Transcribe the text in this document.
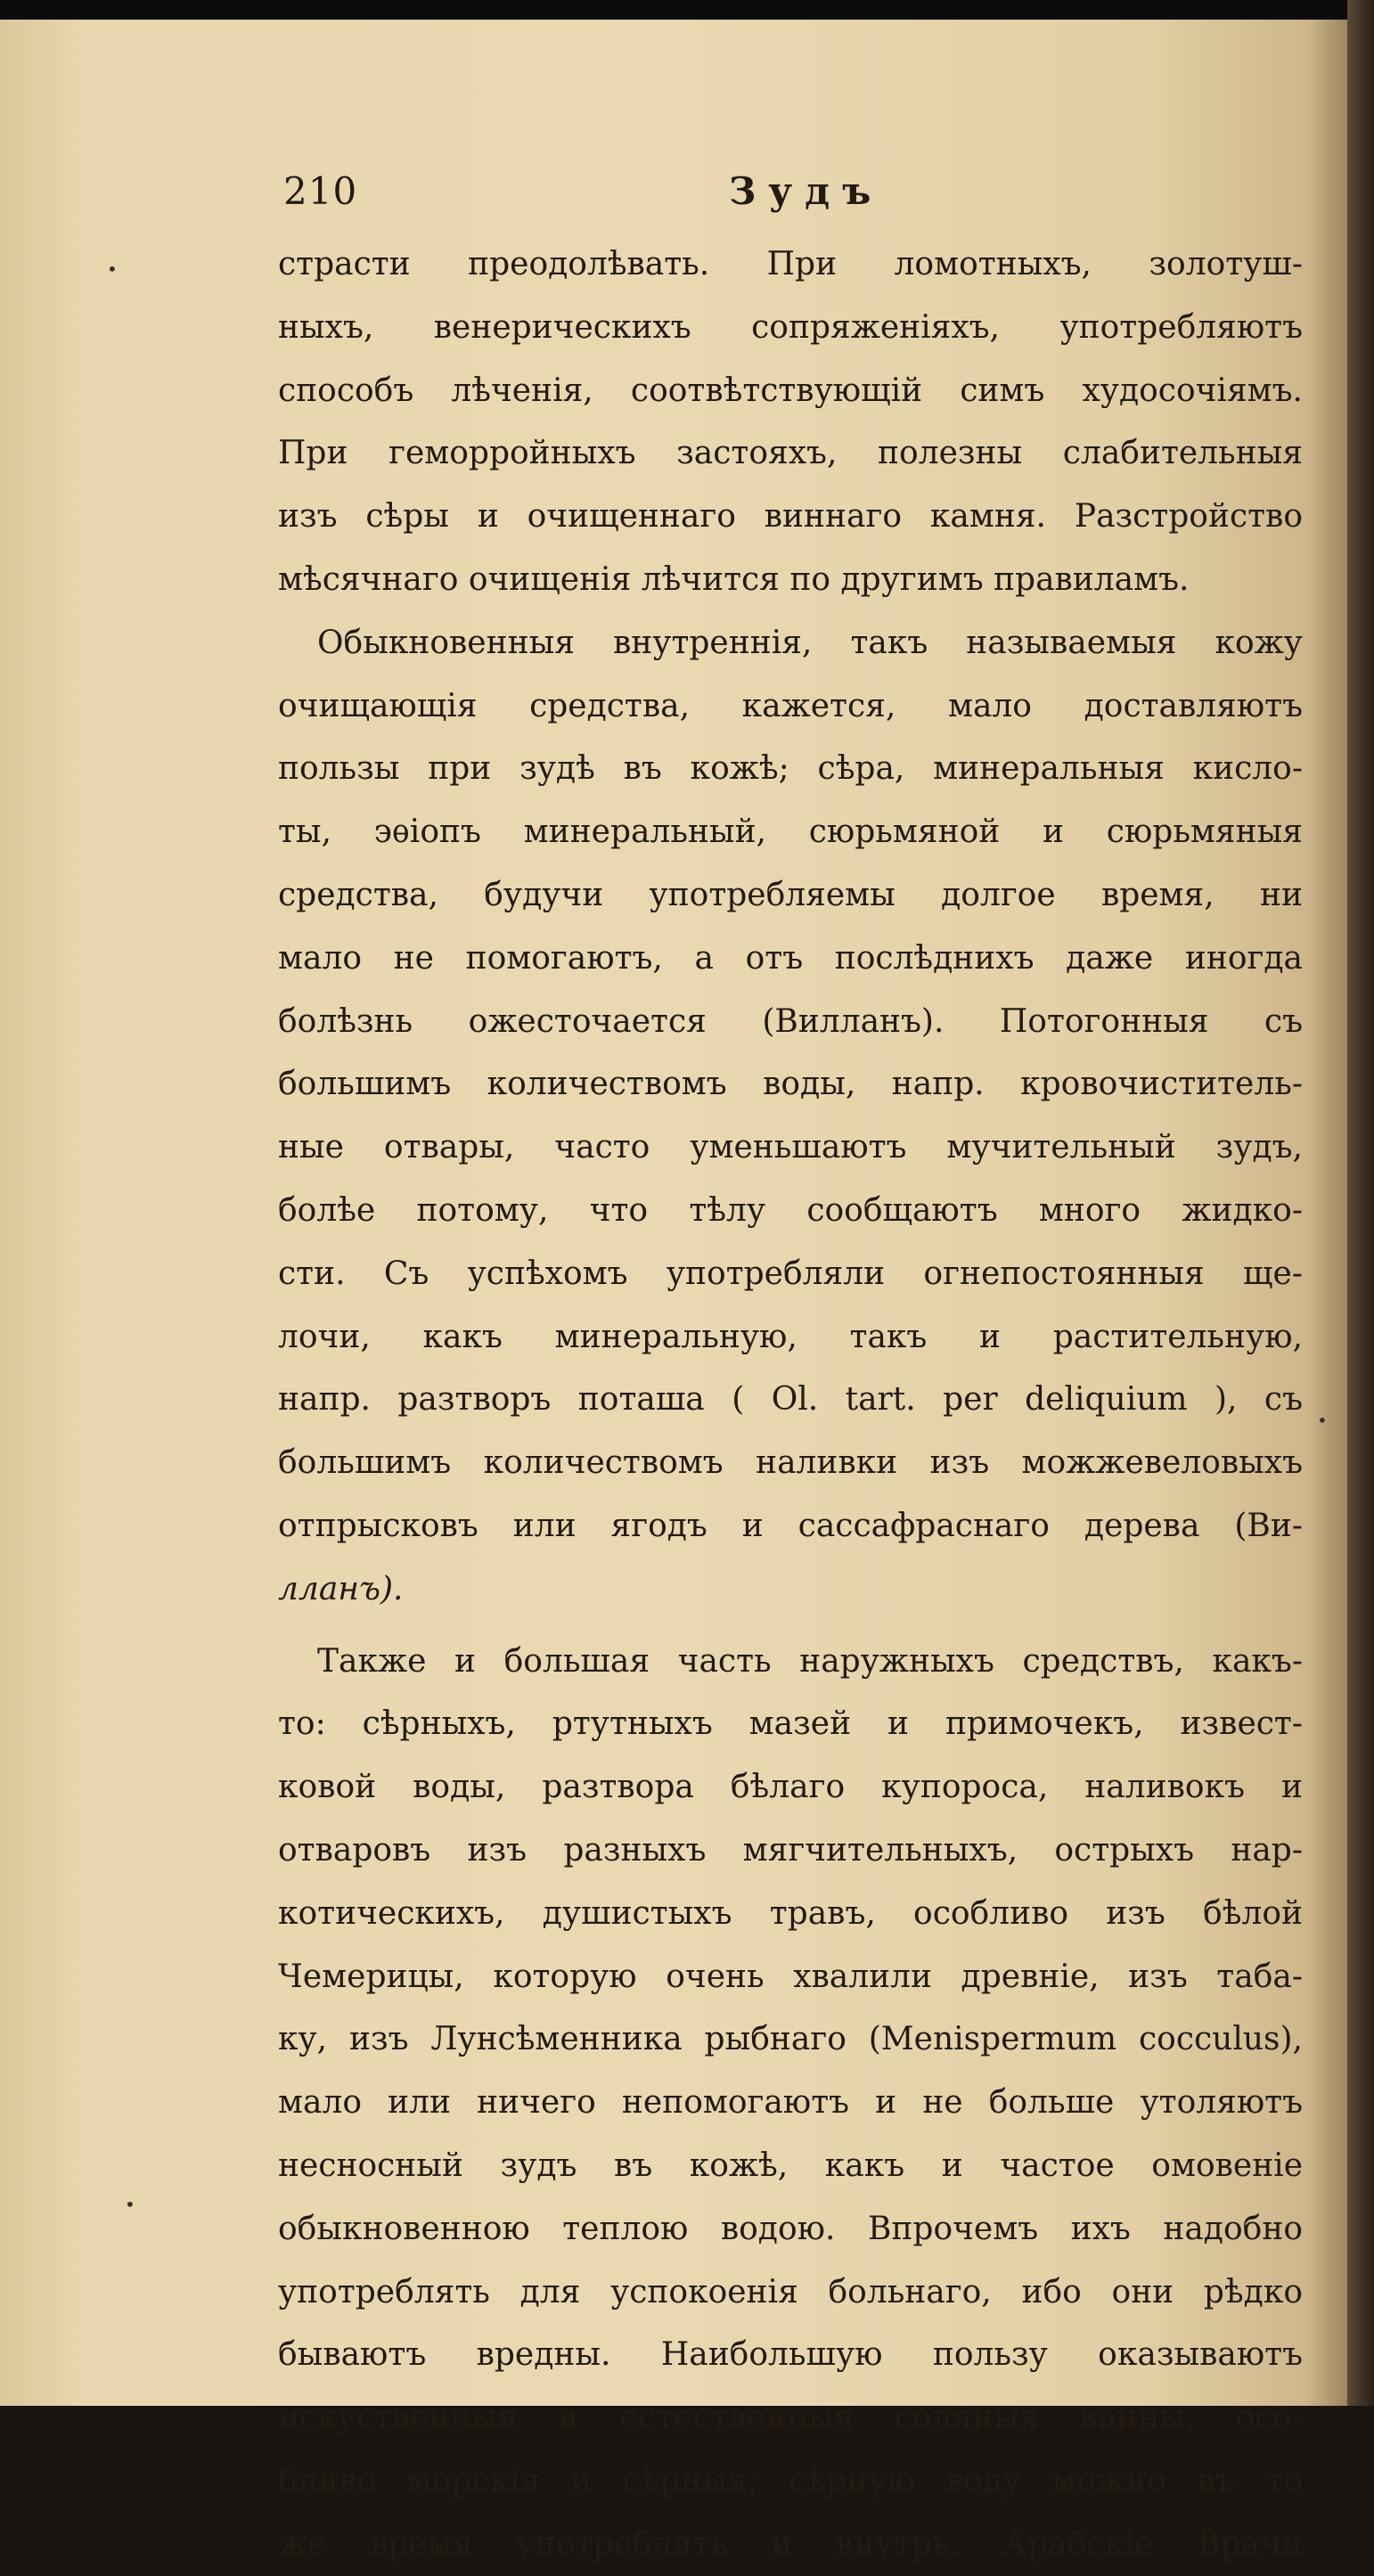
210	Зудъ
страсти преодолѣвать. При ломотныхъ, золотуш-
ныхъ, венерическихъ сопряженіяхъ, употребляютъ
способъ лѣченія, соотвѣтствующій симъ худосочіямъ.
При геморройныхъ застояхъ, полезны слабительныя
изъ сѣры и очищеннаго виннаго камня. Разстройство
мѣсячнаго очищенія лѣчится по другимъ правиламъ.
Обыкновенныя внутреннія, такъ называемыя кожу
очищающія средства, кажется, мало доставляютъ
пользы при зудѣ въ кожѣ; сѣра, минеральныя кисло-
ты, эѳіопъ минеральный, сюрьмяной и сюрьмяныя
средства, будучи употребляемы долгое время, ни
мало не помогаютъ, а отъ послѣднихъ даже иногда
болѣзнь ожесточается (Вилланъ). Потогонныя съ
большимъ количествомъ воды, напр. кровочиститель-
ные отвары, часто уменьшаютъ мучительный зудъ,
болѣе потому, что тѣлу сообщаютъ много жидко-
сти. Съ успѣхомъ употребляли огнепостоянныя ще-
лочи, какъ минеральную, такъ и растительную,
напр. разтворъ поташа ( Ol. tart. per deliquium ), съ
большимъ количествомъ наливки изъ можжевеловыхъ
отпрысковъ или ягодъ и сассафраснаго дерева (Ви-
лланъ).
Также и большая часть наружныхъ средствъ, какъ-
то: сѣрныхъ, ртутныхъ мазей и примочекъ, извест-
ковой воды, разтвора бѣлаго купороса, наливокъ и
отваровъ изъ разныхъ мягчительныхъ, острыхъ нар-
котическихъ, душистыхъ травъ, особливо изъ бѣлой
Чемерицы, которую очень хвалили древніе, изъ таба-
ку, изъ Лунсѣменника рыбнаго (Menispermum cocculus),
мало или ничего непомогаютъ и не больше утоляютъ
несносный зудъ въ кожѣ, какъ и частое омовеніе
обыкновенною теплою водою. Впрочемъ ихъ надобно
употреблять для успокоенія больнаго, ибо они рѣдко
бываютъ вредны. Наибольшую пользу оказываютъ
искуственныя и естественныя соляныя ванны, осо-
бливо морскія и сѣрныя; сѣрную воду можно въ то
же время употреблять и внутрь. Арабскіе Врачи
•
•
•
